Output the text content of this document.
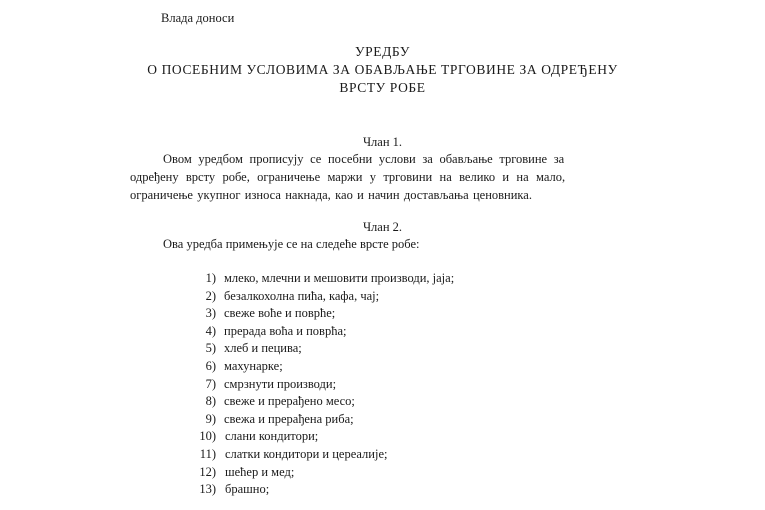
Влада доноси
УРЕДБУ
О ПОСЕБНИМ УСЛОВИМА ЗА ОБАВЉАЊЕ ТРГОВИНЕ ЗА ОДРЕЂЕНУ
ВРСТУ РОБЕ
Члан 1.
Овом уредбом прописују се посебни услови за обављање трговине за
одређену врсту робе, ограничење маржи у трговини на велико и на мало,
ограничење укупног износа накнада, као и начин достављања ценовника.
Члан 2.
Ова уредба примењује се на следеће врсте робе:
1) млеко, млечни и мешовити производи, јаја;
2) безалкохолна пића, кафа, чај;
3) свеже воће и поврће;
4) прерада воћа и поврћа;
5) хлеб и пецива;
6) махунарке;
7) смрзнути производи;
8) свеже и прерађено месо;
9) свежа и прерађена риба;
10) слани кондитори;
11) слатки кондитори и цереалије;
12) шећер и мед;
13) брашно;
